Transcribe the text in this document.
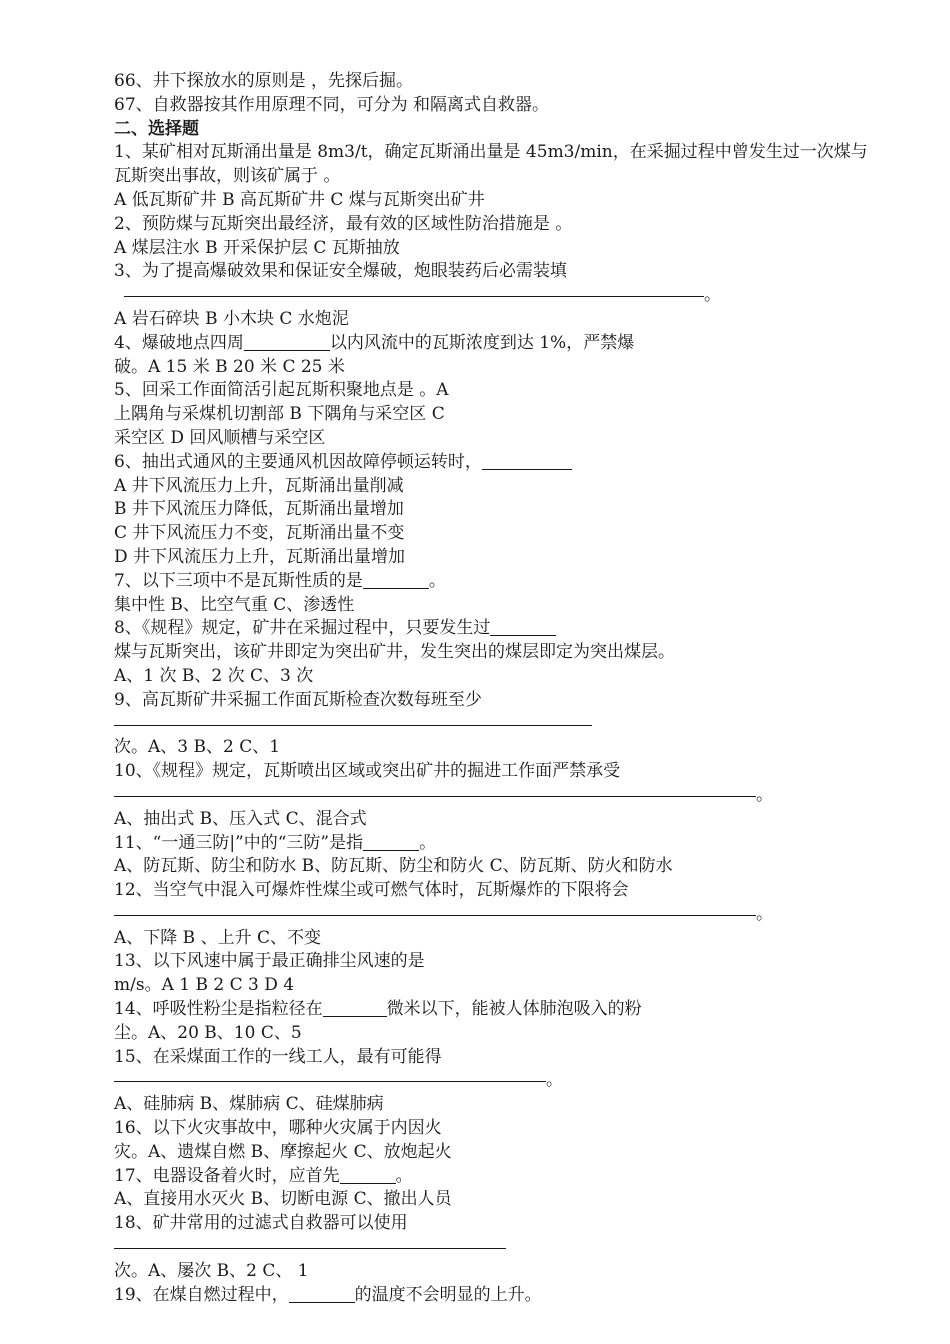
66、井下探放水的原则是 ，先探后掘。
67、自救器按其作用原理不同，可分为 和隔离式自救器。
二、选择题
1、某矿相对瓦斯涌出量是 8m3/t，确定瓦斯涌出量是 45m3/min，在采掘过程中曾发生过一次煤与瓦斯突出事故，则该矿属于 。
A 低瓦斯矿井 B 高瓦斯矿井 C 煤与瓦斯突出矿井
2、预防煤与瓦斯突出最经济，最有效的区域性防治措施是 。
A 煤层注水 B 开采保护层 C 瓦斯抽放
3、为了提高爆破效果和保证安全爆破，炮眼装药后必需装填
。
A 岩石碎块 B 小木块 C 水炮泥
4、爆破地点四周	以内风流中的瓦斯浓度到达 1%，严禁爆
破。A 15 米 B 20 米 C 25 米
5、回采工作面简活引起瓦斯积聚地点是 。A
上隅角与采煤机切割部 B 下隅角与采空区 C
采空区 D 回风顺槽与采空区
6、抽出式通风的主要通风机因故障停顿运转时，
A 井下风流压力上升，瓦斯涌出量削减
B 井下风流压力降低，瓦斯涌出量增加
C 井下风流压力不变，瓦斯涌出量不变
D 井下风流压力上升，瓦斯涌出量增加
7、以下三项中不是瓦斯性质的是	。
集中性 B、比空气重 C、渗透性
8、《规程》规定，矿井在采掘过程中，只要发生过
煤与瓦斯突出，该矿井即定为突出矿井，发生突出的煤层即定为突出煤层。
A、1 次 B、2 次 C、3 次
9、高瓦斯矿井采掘工作面瓦斯检查次数每班至少
次。A、3 B、2 C、1
10、《规程》规定，瓦斯喷出区域或突出矿井的掘进工作面严禁承受
。
A、抽出式 B、压入式 C、混合式
11、“一通三防|”中的“三防”是指	。
A、防瓦斯、防尘和防水 B、防瓦斯、防尘和防火 C、防瓦斯、防火和防水
12、当空气中混入可爆炸性煤尘或可燃气体时，瓦斯爆炸的下限将会
。
A、下降 B 、上升 C、不变
13、以下风速中属于最正确排尘风速的是
m/s。A 1 B 2 C 3 D 4
14、呼吸性粉尘是指粒径在	微米以下，能被人体肺泡吸入的粉
尘。A、20 B、10 C、5
15、在采煤面工作的一线工人，最有可能得
。
A、硅肺病 B、煤肺病 C、硅煤肺病
16、以下火灾事故中，哪种火灾属于内因火
灾。A、遗煤自燃 B、摩擦起火 C、放炮起火
17、电器设备着火时，应首先	。
A、直接用水灭火 B、切断电源 C、撤出人员
18、矿井常用的过滤式自救器可以使用
次。A、屡次 B、2 C、 1
19、在煤自燃过程中，	的温度不会明显的上升。
